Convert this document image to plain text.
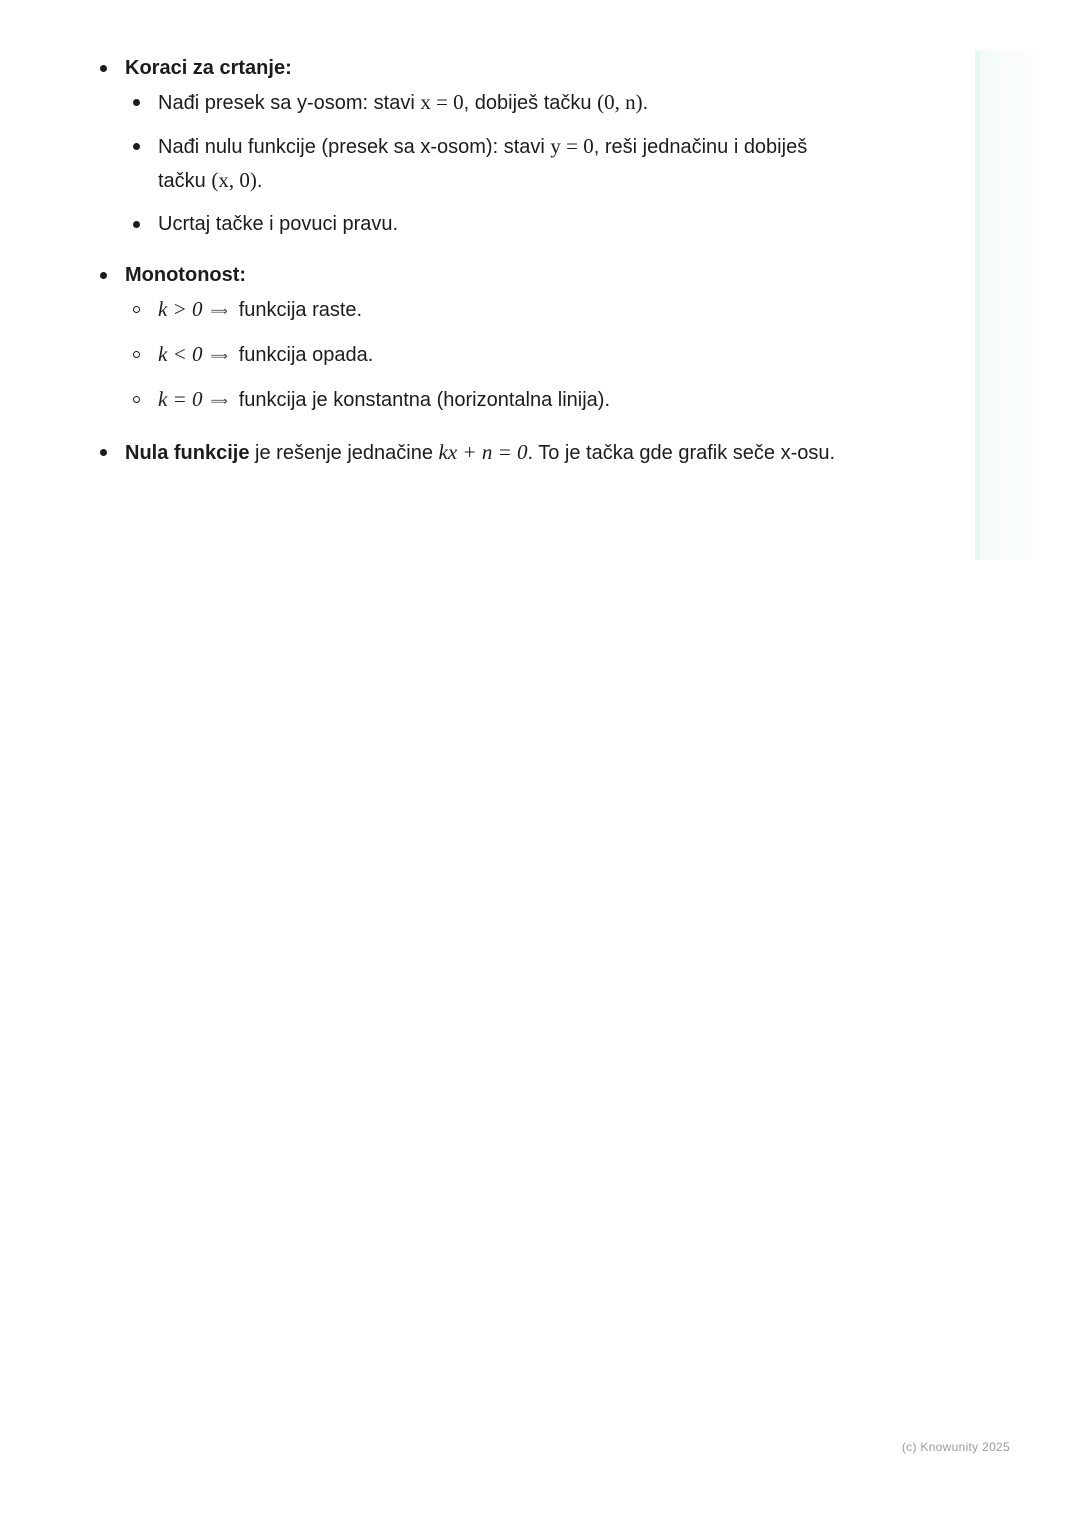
Koraci za crtanje:
Nađi presek sa y-osom: stavi x = 0, dobiješ tačku (0, n).
Nađi nulu funkcije (presek sa x-osom): stavi y = 0, reši jednačinu i dobiješ tačku (x, 0).
Ucrtaj tačke i povuci pravu.
Monotonost:
k > 0 ⟹ funkcija raste.
k < 0 ⟹ funkcija opada.
k = 0 ⟹ funkcija je konstantna (horizontalna linija).
Nula funkcije je rešenje jednačine kx + n = 0. To je tačka gde grafik seče x-osu.
(c) Knowunity 2025
